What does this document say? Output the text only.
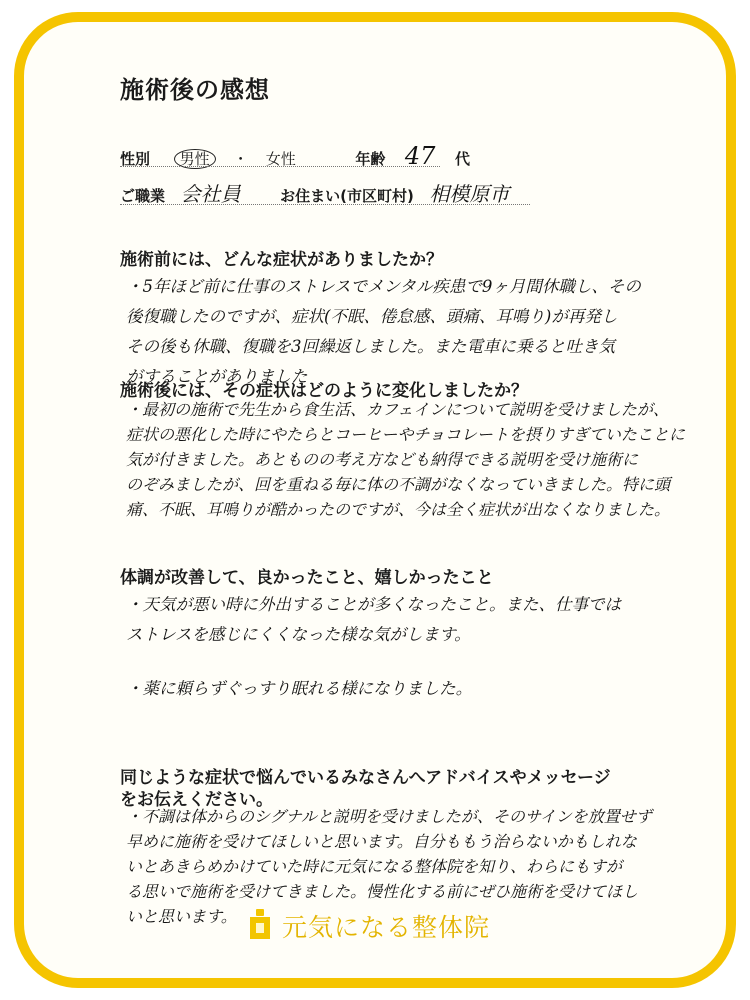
施術後の感想
性別 男性 ・ 女性	年齢 47 代
ご職業 会社員	お住まい(市区町村) 相模原市
施術前には、どんな症状がありましたか？
・5年ほど前に仕事のストレスでメンタル疾患で9ヶ月間休職し、その
後復職したのですが、症状(不眠、倦怠感、頭痛、耳鳴り)が再発し
その後も休職、復職を3回繰返しました。また電車に乗ると吐き気
がすることがありました
施術後には、その症状はどのように変化しましたか？
・最初の施術で先生から食生活、カフェインについて説明を受けましたが、
症状の悪化した時にやたらとコーヒーやチョコレートを摂りすぎていたことに
気が付きました。あとものの考え方なども納得できる説明を受け施術に
のぞみましたが、回を重ねる毎に体の不調がなくなっていきました。特に頭
痛、不眠、耳鳴りが酷かったのですが、今は全く症状が出なくなりました。
体調が改善して、良かったこと、嬉しかったこと
・天気が悪い時に外出することが多くなったこと。また、仕事では
ストレスを感じにくくなった様な気がします。
・薬に頼らずぐっすり眠れる様になりました。
同じような症状で悩んでいるみなさんへアドバイスやメッセージ
をお伝えください。
・不調は体からのシグナルと説明を受けましたが、そのサインを放置せず
早めに施術を受けてほしいと思います。自分ももう治らないかもしれな
いとあきらめかけていた時に元気になる整体院を知り、わらにもすが
る思いで施術を受けてきました。慢性化する前にぜひ施術を受けてほし
いと思います。	元気になる整体院
